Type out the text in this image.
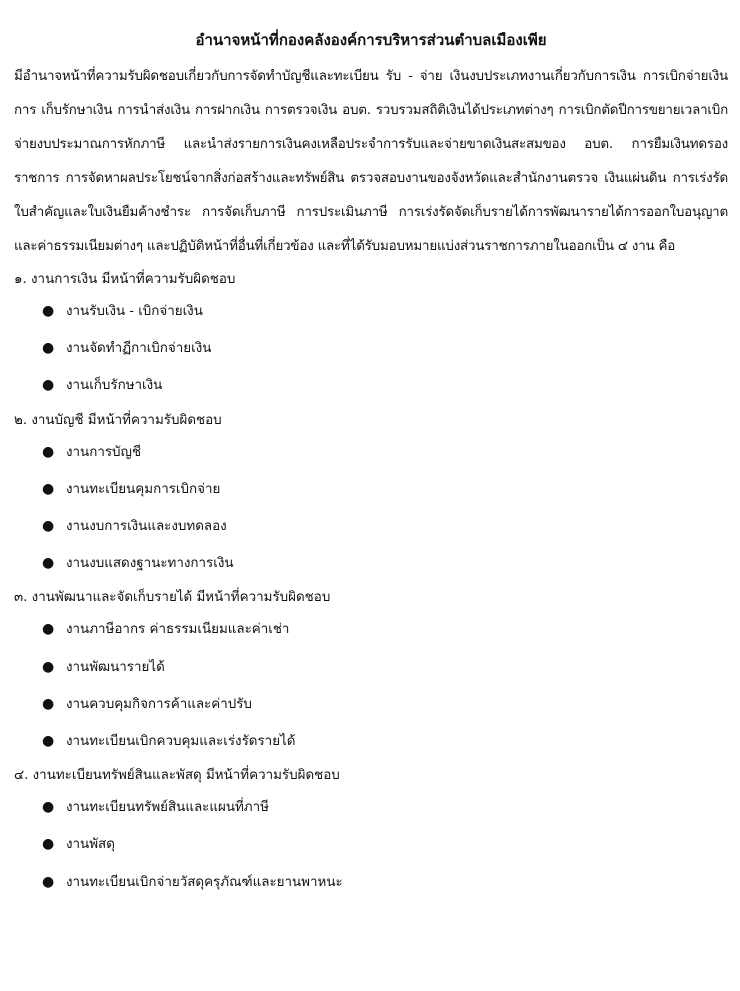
อำนาจหน้าที่กองคลังองค์การบริหารส่วนตำบลเมืองเพีย

มีอำนาจหน้าที่ความรับผิดชอบเกี่ยวกับการจัดทำบัญชีและทะเบียน รับ - จ่าย เงินงบประเภทงานเกี่ยวกับการเงิน การเบิกจ่ายเงินการ เก็บรักษาเงิน การนำส่งเงิน การฝากเงิน การตรวจเงิน อบต. รวบรวมสถิติเงินได้ประเภทต่างๆ การเบิกตัดปีการขยายเวลาเบิก จ่ายงบประมาณการหักภาษี และนำส่งรายการเงินคงเหลือประจำการรับและจ่ายขาดเงินสะสมของ อบต. การยืมเงินทดรอง ราชการ การจัดหาผลประโยชน์จากสิ่งก่อสร้างและทรัพย์สิน ตรวจสอบงานของจังหวัดและสำนักงานตรวจ เงินแผ่นดิน การเร่งรัดใบสำคัญและใบเงินยืมค้างชำระ การจัดเก็บภาษี การประเมินภาษี การเร่งรัดจัดเก็บรายได้การพัฒนารายได้การออกใบอนุญาตและค่าธรรมเนียมต่างๆ และปฏิบัติหน้าที่อื่นที่เกี่ยวข้อง และที่ได้รับมอบหมายแบ่งส่วนราชการภายในออกเป็น ๔ งาน คือ

๑. งานการเงิน มีหน้าที่ความรับผิดชอบ
● งานรับเงิน - เบิกจ่ายเงิน
● งานจัดทำฏีกาเบิกจ่ายเงิน
● งานเก็บรักษาเงิน
๒. งานบัญชี มีหน้าที่ความรับผิดชอบ
● งานการบัญชี
● งานทะเบียนคุมการเบิกจ่าย
● งานงบการเงินและงบทดลอง
● งานงบแสดงฐานะทางการเงิน
๓. งานพัฒนาและจัดเก็บรายได้ มีหน้าที่ความรับผิดชอบ
● งานภาษีอากร ค่าธรรมเนียมและค่าเช่า
● งานพัฒนารายได้
● งานควบคุมกิจการค้าและค่าปรับ
● งานทะเบียนเบิกควบคุมและเร่งรัดรายได้
๔. งานทะเบียนทรัพย์สินและพัสดุ มีหน้าที่ความรับผิดชอบ
● งานทะเบียนทรัพย์สินและแผนที่ภาษี
● งานพัสดุ
● งานทะเบียนเบิกจ่ายวัสดุครุภัณฑ์และยานพาหนะ
